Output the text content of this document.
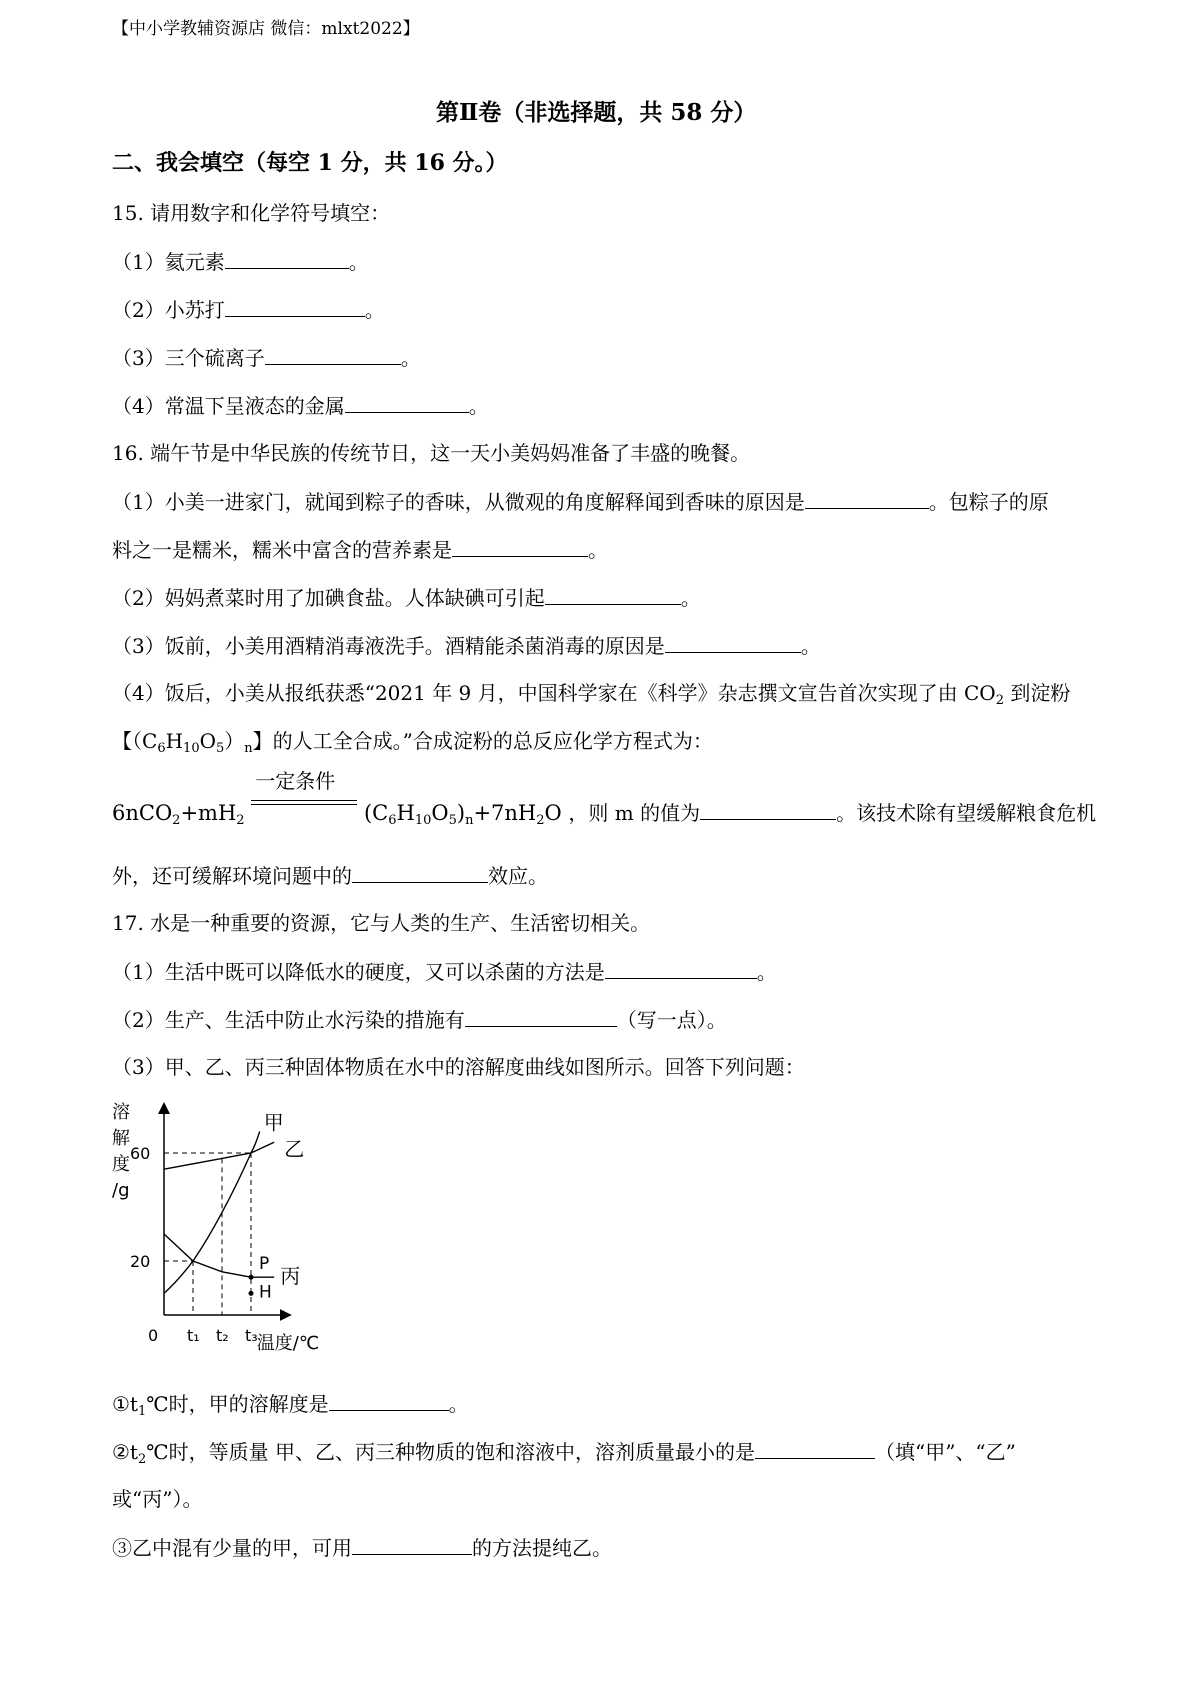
【中小学教辅资源店 微信：mlxt2022】
第Ⅱ卷（非选择题，共 58 分）
二、我会填空（每空 1 分，共 16 分。）
15. 请用数字和化学符号填空：
（1）氦元素	。
（2）小苏打	。
（3）三个硫离子	。
（4）常温下呈液态的金属	。
16. 端午节是中华民族的传统节日，这一天小美妈妈准备了丰盛的晚餐。
（1）小美一进家门，就闻到粽子的香味，从微观的角度解释闻到香味的原因是	。包粽子的原
料之一是糯米，糯米中富含的营养素是	。
（2）妈妈煮菜时用了加碘食盐。人体缺碘可引起	。
（3）饭前，小美用酒精消毒液洗手。酒精能杀菌消毒的原因是	。
（4）饭后，小美从报纸获悉“2021 年 9 月，中国科学家在《科学》杂志撰文宣告首次实现了由 $CO_2$ 到淀粉
【$(C_6H_{10}O_5)_n$】的人工全合成。”合成淀粉的总反应化学方程式为：
$6nCO_2+mH_2$
一定条件
$(C_6H_{10}O_5)_n+7nH_2O$ ，则 m 的值为	。该技术除有望缓解粮食危机
外，还可缓解环境问题中的	效应。
17. 水是一种重要的资源，它与人类的生产、生活密切相关。
（1）生活中既可以降低水的硬度，又可以杀菌的方法是	。
（2）生产、生活中防止水污染的措施有	（写一点）。
（3）甲、乙、丙三种固体物质在水中的溶解度曲线如图所示。回答下列问题：
溶
解
度
/g
0
20
60
t₁ t₂ t₃ 温度/℃
甲
乙
丙
P
H
$①t_1℃$时，甲的溶解度是	。
$②t_2℃$时，等质量 甲、乙、丙三种物质的饱和溶液中，溶剂质量最小的是	（填“甲”、“乙”
或“丙”）。
③乙中混有少量的甲，可用	的方法提纯乙。
